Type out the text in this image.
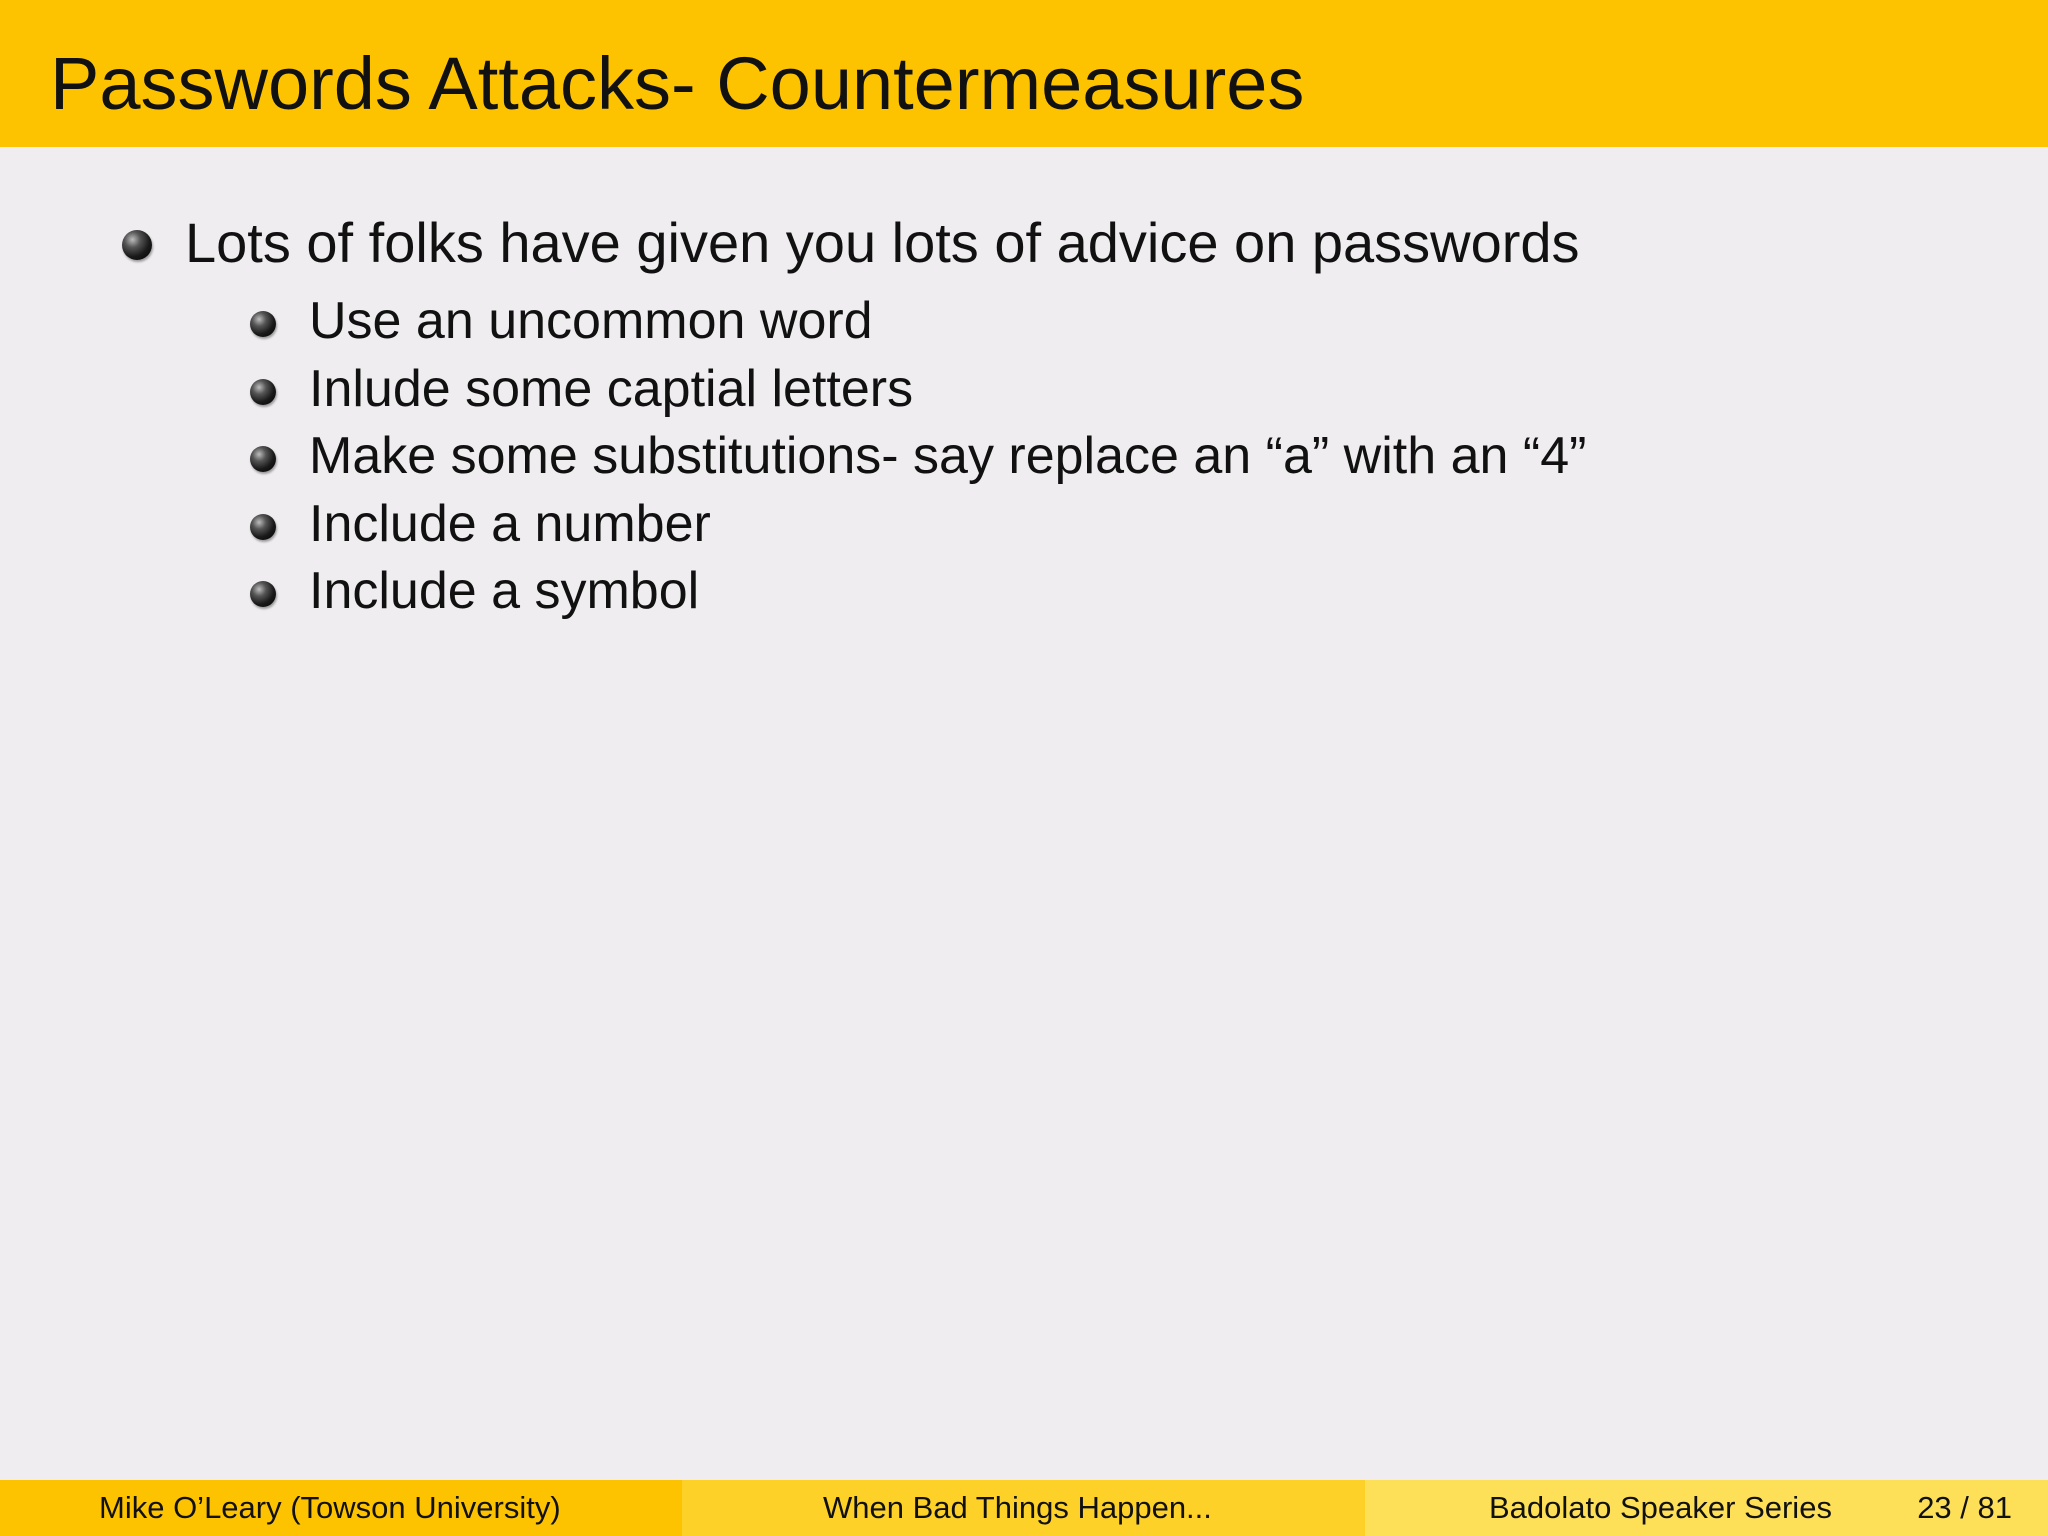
Passwords Attacks- Countermeasures
Lots of folks have given you lots of advice on passwords
Use an uncommon word
Inlude some captial letters
Make some substitutions- say replace an “a” with an “4”
Include a number
Include a symbol
Mike O’Leary (Towson University)	When Bad Things Happen...	Badolato Speaker Series	23 / 81
